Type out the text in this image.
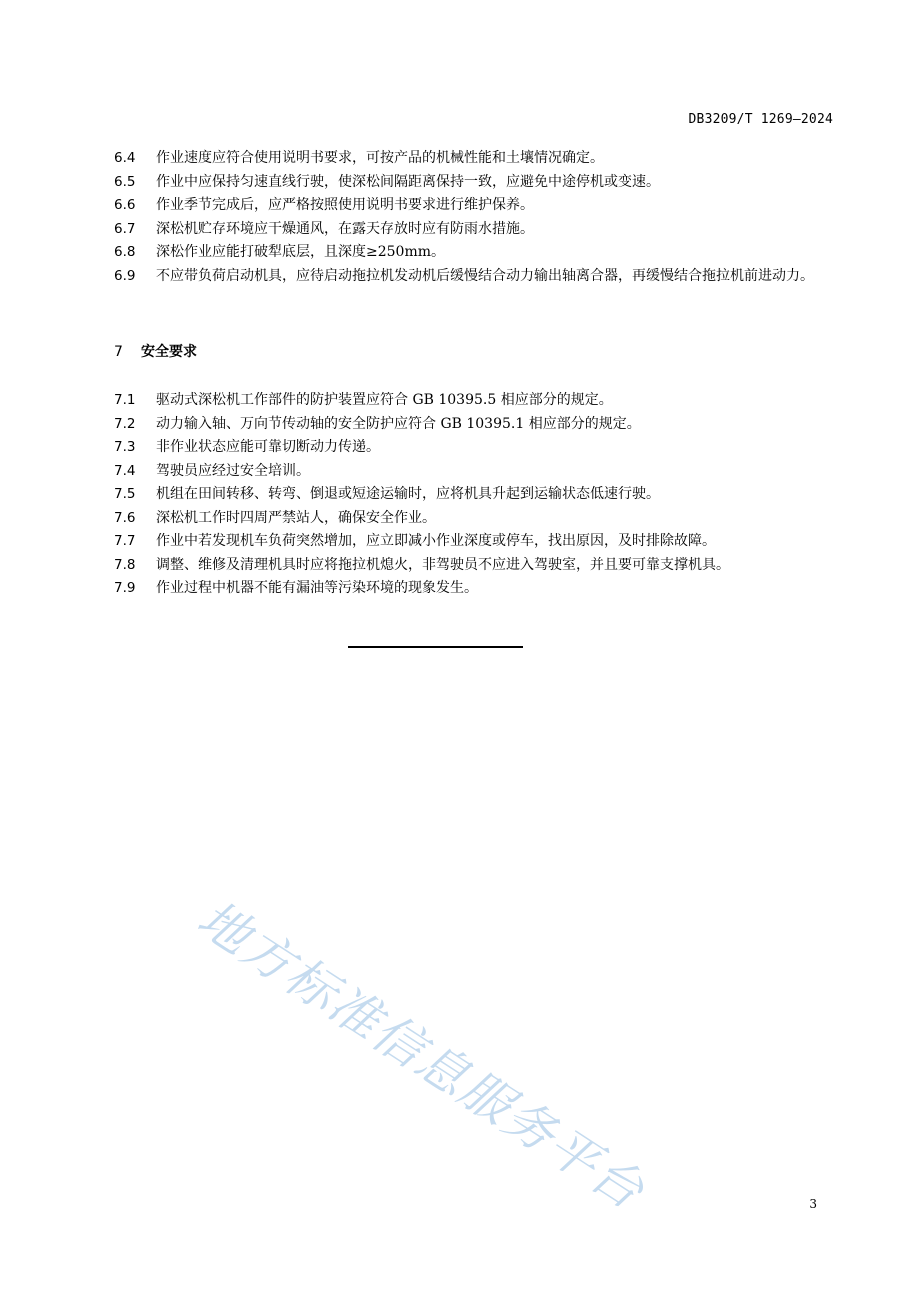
DB3209/T 1269—2024
6.4	作业速度应符合使用说明书要求，可按产品的机械性能和土壤情况确定。
6.5	作业中应保持匀速直线行驶，使深松间隔距离保持一致，应避免中途停机或变速。
6.6	作业季节完成后，应严格按照使用说明书要求进行维护保养。
6.7	深松机贮存环境应干燥通风，在露天存放时应有防雨水措施。
6.8	深松作业应能打破犁底层，且深度≥250mm。
6.9 不应带负荷启动机具，应待启动拖拉机发动机后缓慢结合动力输出轴离合器，再缓慢结合拖拉机前进动力。
7 安全要求
7.1	驱动式深松机工作部件的防护装置应符合 GB 10395.5 相应部分的规定。
7.2	动力输入轴、万向节传动轴的安全防护应符合 GB 10395.1 相应部分的规定。
7.3	非作业状态应能可靠切断动力传递。
7.4	驾驶员应经过安全培训。
7.5	机组在田间转移、转弯、倒退或短途运输时，应将机具升起到运输状态低速行驶。
7.6	深松机工作时四周严禁站人，确保安全作业。
7.7	作业中若发现机车负荷突然增加，应立即减小作业深度或停车，找出原因，及时排除故障。
7.8	调整、维修及清理机具时应将拖拉机熄火，非驾驶员不应进入驾驶室，并且要可靠支撑机具。
7.9	作业过程中机器不能有漏油等污染环境的现象发生。
地方标准信息服务平台	3
